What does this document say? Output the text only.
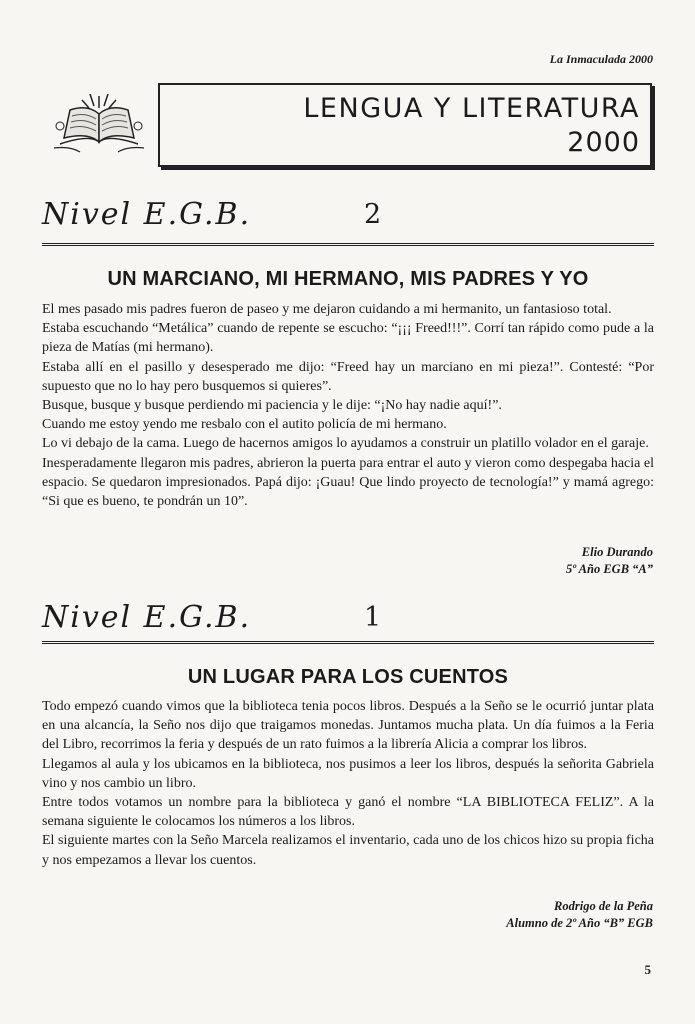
La Inmaculada 2000
LENGUA Y LITERATURA
2000
Nivel E.G.B.	2
UN MARCIANO, MI HERMANO, MIS PADRES Y YO

El mes pasado mis padres fueron de paseo y me dejaron cuidando a mi hermanito, un fantasioso total.

Estaba escuchando “Metálica” cuando de repente se escucho: “¡¡¡ Freed!!!”. Corrí tan rápido como pude a la pieza de Matías (mi hermano).

Estaba allí en el pasillo y desesperado me dijo: “Freed hay un marciano en mi pieza!”. Contesté: “Por supuesto que no lo hay pero busquemos si quieres”.

Busque, busque y busque perdiendo mi paciencia y le dije: “¡No hay nadie aquí!”.

Cuando me estoy yendo me resbalo con el autito policía de mi hermano.

Lo vi debajo de la cama. Luego de hacernos amigos lo ayudamos a construir un platillo volador en el garaje.

Inesperadamente llegaron mis padres, abrieron la puerta para entrar el auto y vieron como despegaba hacia el espacio. Se quedaron impresionados. Papá dijo: ¡Guau! Que lindo proyecto de tecnología!” y mamá agrego: “Si que es bueno, te pondrán un 10”.

Elio Durando
5º Año EGB “A”
Nivel E.G.B.	1
UN LUGAR PARA LOS CUENTOS

Todo empezó cuando vimos que la biblioteca tenia pocos libros. Después a la Seño se le ocurrió juntar plata en una alcancía, la Seño nos dijo que traigamos monedas. Juntamos mucha plata. Un día fuimos a la Feria del Libro, recorrimos la feria y después de un rato fuimos a la librería Alicia a comprar los libros.

Llegamos al aula y los ubicamos en la biblioteca, nos pusimos a leer los libros, después la señorita Gabriela vino y nos cambio un libro.

Entre todos votamos un nombre para la biblioteca y ganó el nombre “LA BIBLIOTECA FELIZ”. A la semana siguiente le colocamos los números a los libros.

El siguiente martes con la Seño Marcela realizamos el inventario, cada uno de los chicos hizo su propia ficha y nos empezamos a llevar los cuentos.

Rodrigo de la Peña
Alumno de 2º Año “B” EGB
5
